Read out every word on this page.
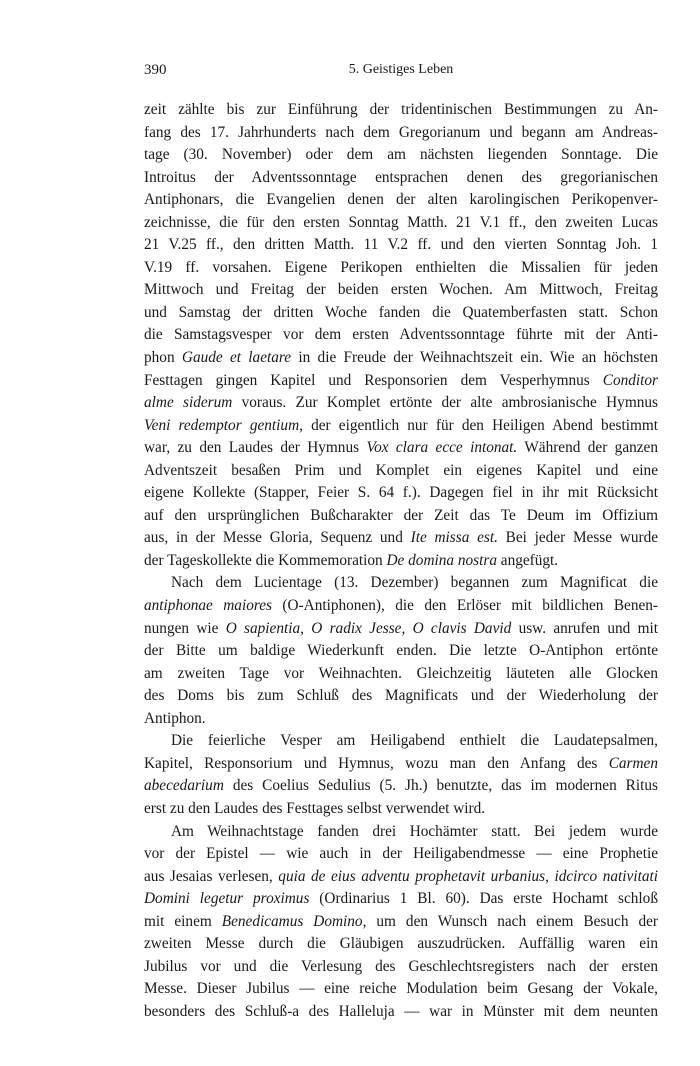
390	5. Geistiges Leben
zeit zählte bis zur Einführung der tridentinischen Bestimmungen zu An-
fang des 17. Jahrhunderts nach dem Gregorianum und begann am Andreas-
tage (30. November) oder dem am nächsten liegenden Sonntage. Die
Introitus der Adventssonntage entsprachen denen des gregorianischen
Antiphonars, die Evangelien denen der alten karolingischen Perikopenver-
zeichnisse, die für den ersten Sonntag Matth. 21 V.1 ff., den zweiten Lucas
21 V.25 ff., den dritten Matth. 11 V.2 ff. und den vierten Sonntag Joh. 1
V.19 ff. vorsahen. Eigene Perikopen enthielten die Missalien für jeden
Mittwoch und Freitag der beiden ersten Wochen. Am Mittwoch, Freitag
und Samstag der dritten Woche fanden die Quatemberfasten statt. Schon
die Samstagsvesper vor dem ersten Adventssonntage führte mit der Anti-
phon Gaude et laetare in die Freude der Weihnachtszeit ein. Wie an höchsten
Festtagen gingen Kapitel und Responsorien dem Vesperhymnus Conditor
alme siderum voraus. Zur Komplet ertönte der alte ambrosianische Hymnus
Veni redemptor gentium, der eigentlich nur für den Heiligen Abend bestimmt
war, zu den Laudes der Hymnus Vox clara ecce intonat. Während der ganzen
Adventszeit besaßen Prim und Komplet ein eigenes Kapitel und eine
eigene Kollekte (Stapper, Feier S. 64 f.). Dagegen fiel in ihr mit Rücksicht
auf den ursprünglichen Bußcharakter der Zeit das Te Deum im Offizium
aus, in der Messe Gloria, Sequenz und Ite missa est. Bei jeder Messe wurde
der Tageskollekte die Kommemoration De domina nostra angefügt.
Nach dem Lucientage (13. Dezember) begannen zum Magnificat die
antiphonae maiores (O-Antiphonen), die den Erlöser mit bildlichen Benen-
nungen wie O sapientia, O radix Jesse, O clavis David usw. anrufen und mit
der Bitte um baldige Wiederkunft enden. Die letzte O-Antiphon ertönte
am zweiten Tage vor Weihnachten. Gleichzeitig läuteten alle Glocken
des Doms bis zum Schluß des Magnificats und der Wiederholung der
Antiphon.
Die feierliche Vesper am Heiligabend enthielt die Laudatepsalmen,
Kapitel, Responsorium und Hymnus, wozu man den Anfang des Carmen
abecedarium des Coelius Sedulius (5. Jh.) benutzte, das im modernen Ritus
erst zu den Laudes des Festtages selbst verwendet wird.
Am Weihnachtstage fanden drei Hochämter statt. Bei jedem wurde
vor der Epistel — wie auch in der Heiligabendmesse — eine Prophetie
aus Jesaias verlesen, quia de eius adventu prophetavit urbanius, idcirco nativitati
Domini legetur proximus (Ordinarius 1 Bl. 60). Das erste Hochamt schloß
mit einem Benedicamus Domino, um den Wunsch nach einem Besuch der
zweiten Messe durch die Gläubigen auszudrücken. Auffällig waren ein
Jubilus vor und die Verlesung des Geschlechtsregisters nach der ersten
Messe. Dieser Jubilus — eine reiche Modulation beim Gesang der Vokale,
besonders des Schluß-a des Halleluja — war in Münster mit dem neunten
